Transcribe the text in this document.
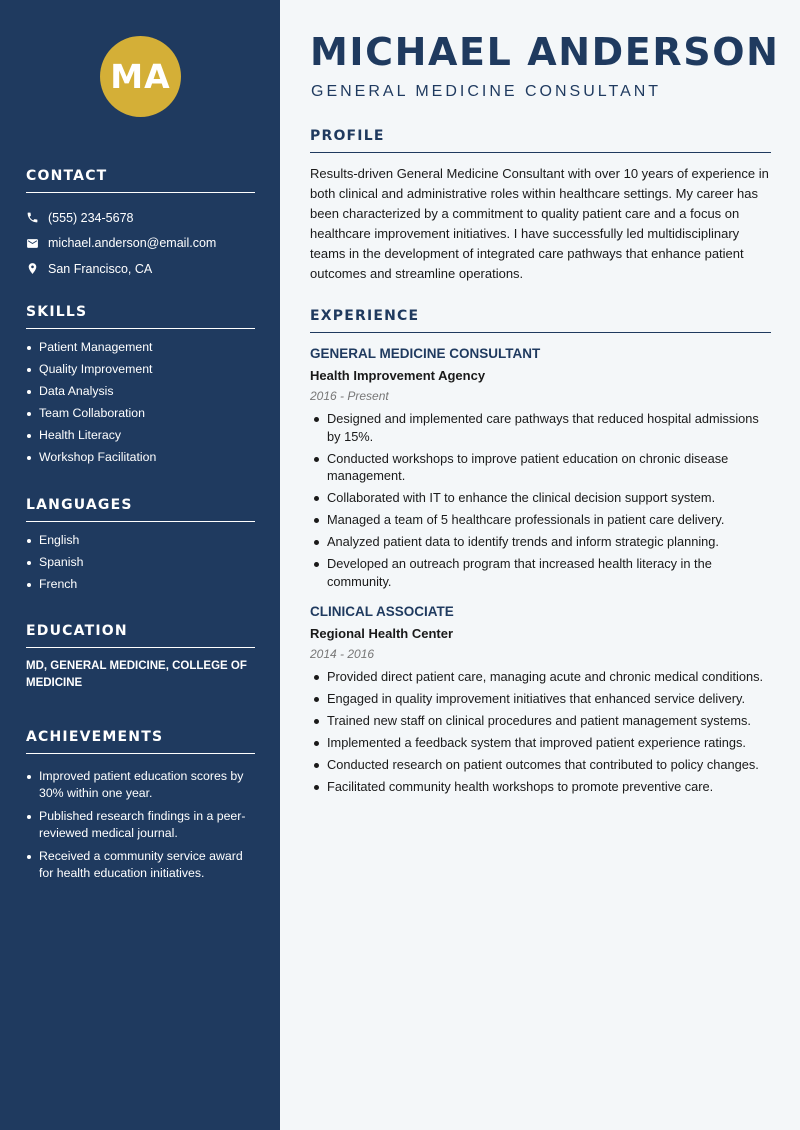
MA
CONTACT
(555) 234-5678
michael.anderson@email.com
San Francisco, CA
SKILLS
Patient Management
Quality Improvement
Data Analysis
Team Collaboration
Health Literacy
Workshop Facilitation
LANGUAGES
English
Spanish
French
EDUCATION
MD, GENERAL MEDICINE, COLLEGE OF MEDICINE
ACHIEVEMENTS
Improved patient education scores by 30% within one year.
Published research findings in a peer-reviewed medical journal.
Received a community service award for health education initiatives.
MICHAEL ANDERSON
GENERAL MEDICINE CONSULTANT
PROFILE

Results-driven General Medicine Consultant with over 10 years of experience in both clinical and administrative roles within healthcare settings. My career has been characterized by a commitment to quality patient care and a focus on healthcare improvement initiatives. I have successfully led multidisciplinary teams in the development of integrated care pathways that enhance patient outcomes and streamline operations.

EXPERIENCE
GENERAL MEDICINE CONSULTANT
Health Improvement Agency
2016 - Present
Designed and implemented care pathways that reduced hospital admissions by 15%.
Conducted workshops to improve patient education on chronic disease management.
Collaborated with IT to enhance the clinical decision support system.
Managed a team of 5 healthcare professionals in patient care delivery.
Analyzed patient data to identify trends and inform strategic planning.
Developed an outreach program that increased health literacy in the community.
CLINICAL ASSOCIATE
Regional Health Center
2014 - 2016
Provided direct patient care, managing acute and chronic medical conditions.
Engaged in quality improvement initiatives that enhanced service delivery.
Trained new staff on clinical procedures and patient management systems.
Implemented a feedback system that improved patient experience ratings.
Conducted research on patient outcomes that contributed to policy changes.
Facilitated community health workshops to promote preventive care.
